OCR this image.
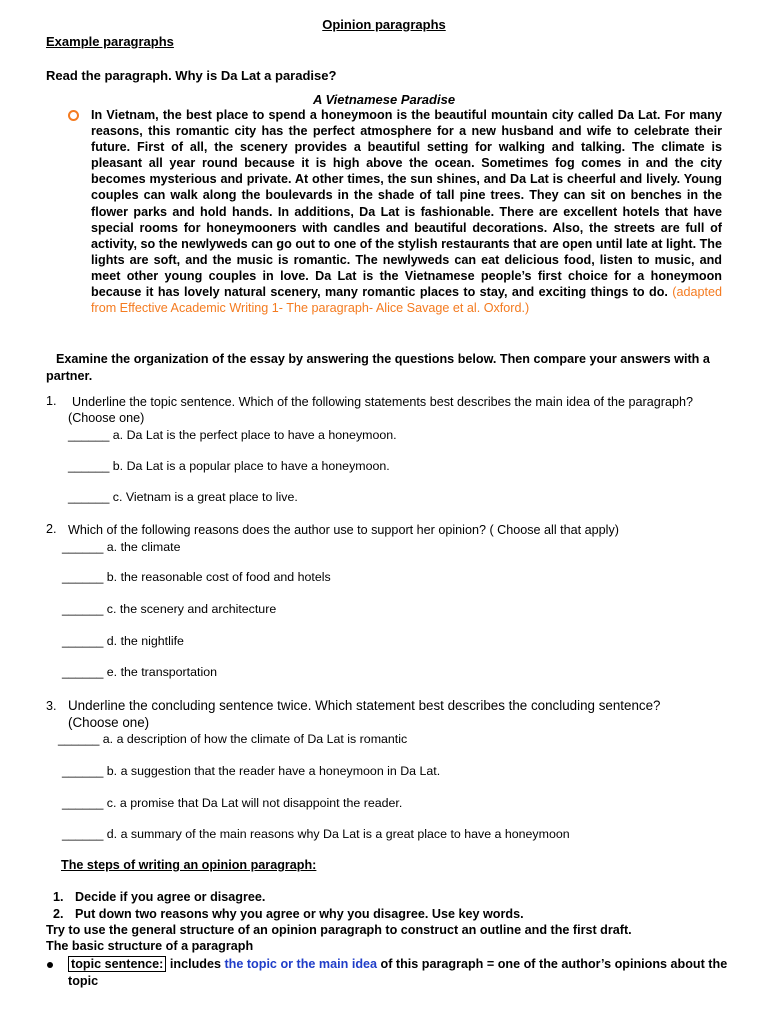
Opinion paragraphs
Example paragraphs
Read the paragraph. Why is Da Lat a paradise?
A Vietnamese Paradise
In Vietnam, the best place to spend a honeymoon is the beautiful mountain city called Da Lat. For many reasons, this romantic city has the perfect atmosphere for a new husband and wife to celebrate their future. First of all, the scenery provides a beautiful setting for walking and talking. The climate is pleasant all year round because it is high above the ocean. Sometimes fog comes in and the city becomes mysterious and private. At other times, the sun shines, and Da Lat is cheerful and lively. Young couples can walk along the boulevards in the shade of tall pine trees. They can sit on benches in the flower parks and hold hands. In additions, Da Lat is fashionable. There are excellent hotels that have special rooms for honeymooners with candles and beautiful decorations. Also, the streets are full of activity, so the newlyweds can go out to one of the stylish restaurants that are open until late at light. The lights are soft, and the music is romantic. The newlyweds can eat delicious food, listen to music, and meet other young couples in love. Da Lat is the Vietnamese people’s first choice for a honeymoon because it has lovely natural scenery, many romantic places to stay, and exciting things to do. (adapted from Effective Academic Writing 1- The paragraph- Alice Savage et al. Oxford.)
Examine the organization of the essay by answering the questions below. Then compare your answers with a partner.
1.	Underline the topic sentence. Which of the following statements best describes the main idea of the paragraph? (Choose one)
______ a. Da Lat is the perfect place to have a honeymoon.
______ b. Da Lat is a popular place to have a honeymoon.
______ c. Vietnam is a great place to live.
2. Which of the following reasons does the author use to support her opinion? ( Choose all that apply)
______ a. the climate
______ b. the reasonable cost of food and hotels
______ c. the scenery and architecture
______ d. the nightlife
______ e. the transportation
3. Underline the concluding sentence twice. Which statement best describes the concluding sentence? (Choose one)
______ a. a description of how the climate of Da Lat is romantic
______ b. a suggestion that the reader have a honeymoon in Da Lat.
______ c. a promise that Da Lat will not disappoint the reader.
______ d. a summary of the main reasons why Da Lat is a great place to have a honeymoon
The steps of writing an opinion paragraph:
1. Decide if you agree or disagree.
2. Put down two reasons why you agree or why you disagree. Use key words.
Try to use the general structure of an opinion paragraph to construct an outline and the first draft.
The basic structure of a paragraph
topic sentence: includes the topic or the main idea of this paragraph = one of the author’s opinions about the topic
